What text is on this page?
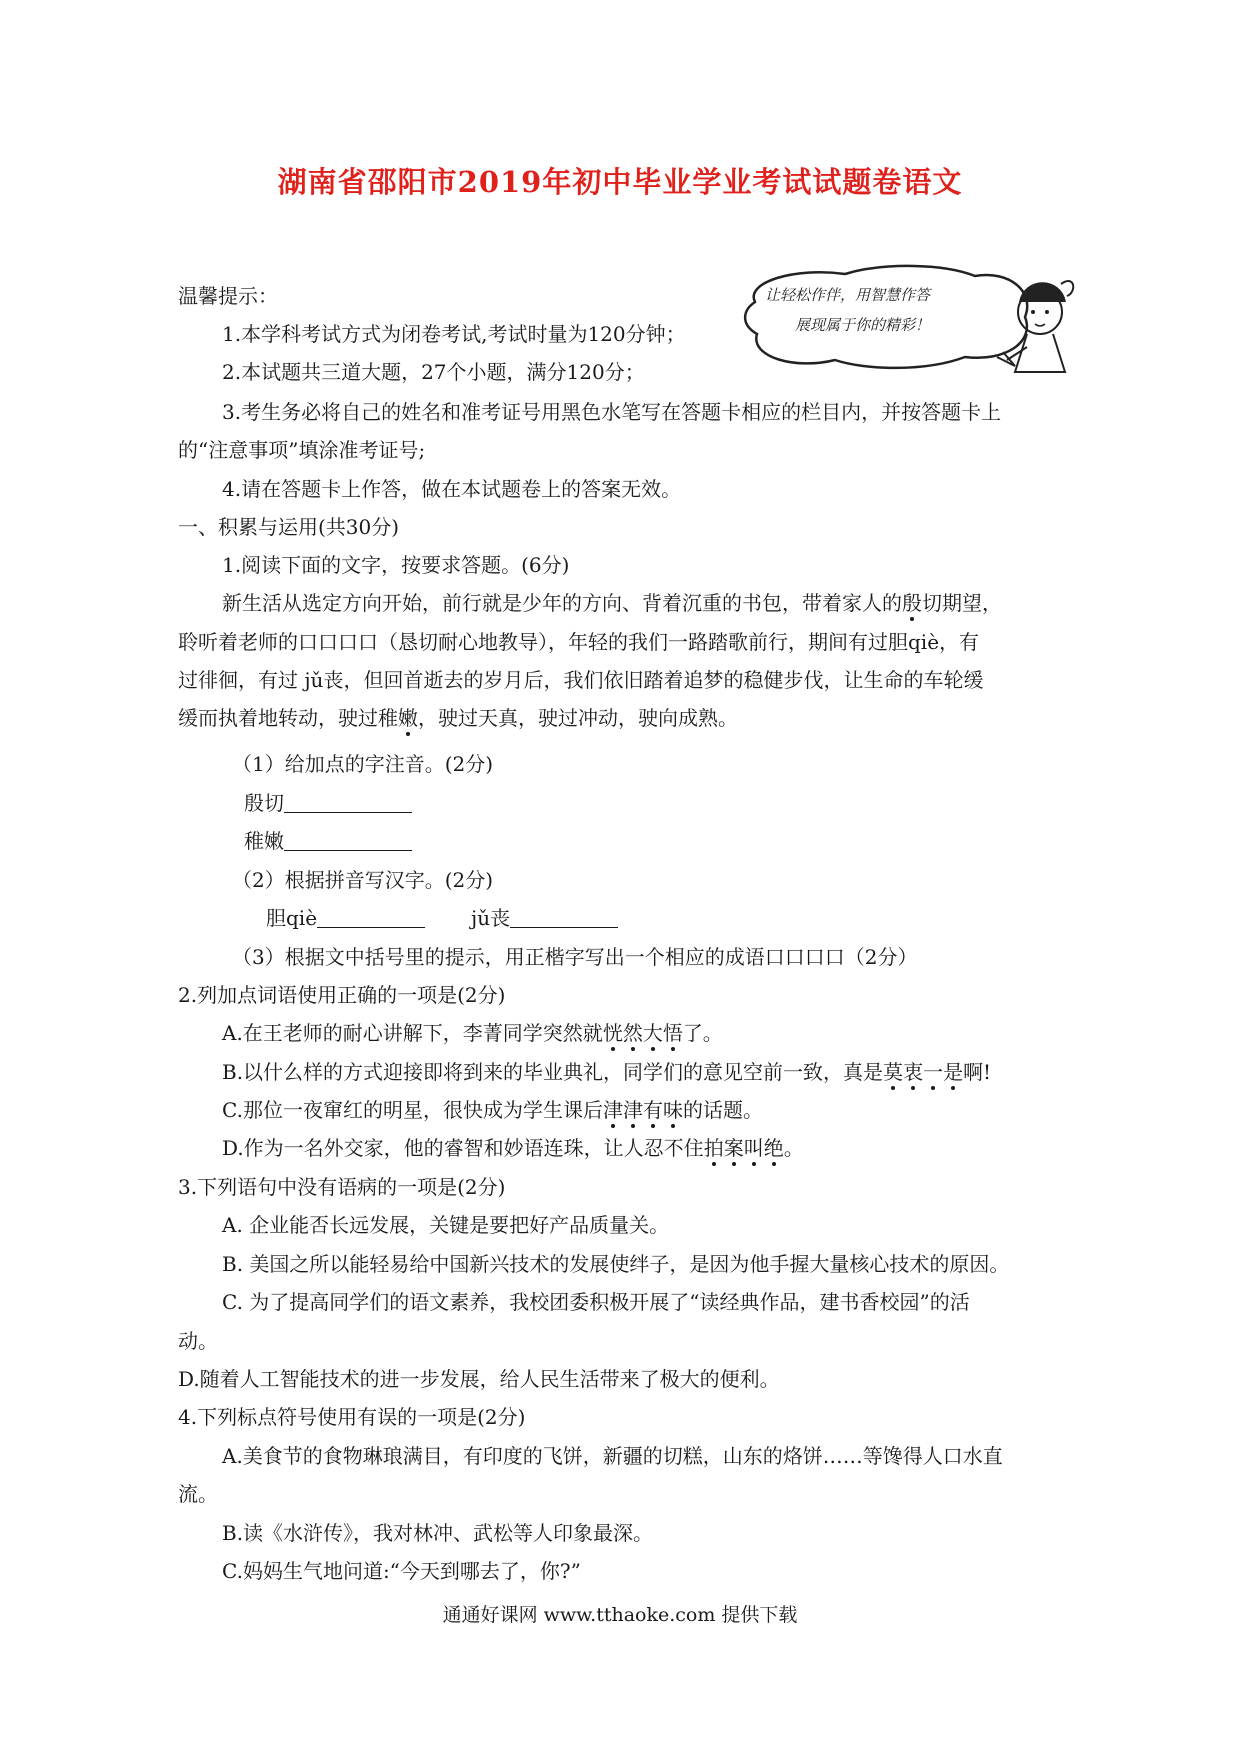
湖南省邵阳市2019年初中毕业学业考试试题卷语文
让轻松作伴，用智慧作答
展现属于你的精彩！
温馨提示：
1.本学科考试方式为闭卷考试,考试时量为120分钟；
2.本试题共三道大题，27个小题，满分120分；
3.考生务必将自己的姓名和准考证号用黑色水笔写在答题卡相应的栏目内，并按答题卡上
的“注意事项”填涂准考证号;
4.请在答题卡上作答，做在本试题卷上的答案无效。
一、积累与运用(共30分)
1.阅读下面的文字，按要求答题。(6分)
新生活从选定方向开始，前行就是少年的方向、背着沉重的书包，带着家人的殷切期望，
聆听着老师的口口口口（恳切耐心地教导），年轻的我们一路踏歌前行，期间有过胆qiè，有
过徘徊，有过 jǔ丧，但回首逝去的岁月后，我们依旧踏着追梦的稳健步伐，让生命的车轮缓
缓而执着地转动，驶过稚嫩，驶过天真，驶过冲动，驶向成熟。
（1）给加点的字注音。(2分)
殷切
稚嫩
（2）根据拼音写汉字。(2分)
胆qiè	jǔ丧
（3）根据文中括号里的提示，用正楷字写出一个相应的成语口口口口（2分）
2.列加点词语使用正确的一项是(2分)
A.在王老师的耐心讲解下，李菁同学突然就恍然大悟了。
B.以什么样的方式迎接即将到来的毕业典礼，同学们的意见空前一致，真是莫衷一是啊!
C.那位一夜窜红的明星，很快成为学生课后津津有味的话题。
D.作为一名外交家，他的睿智和妙语连珠，让人忍不住拍案叫绝。
3.下列语句中没有语病的一项是(2分)
A. 企业能否长远发展，关键是要把好产品质量关。
B. 美国之所以能轻易给中国新兴技术的发展使绊子，是因为他手握大量核心技术的原因。
C. 为了提高同学们的语文素养，我校团委积极开展了“读经典作品，建书香校园”的活
动。
D.随着人工智能技术的进一步发展，给人民生活带来了极大的便利。
4.下列标点符号使用有误的一项是(2分)
A.美食节的食物琳琅满目，有印度的飞饼，新疆的切糕，山东的烙饼……等馋得人口水直
流。
B.读《水浒传》，我对林冲、武松等人印象最深。
C.妈妈生气地问道:“今天到哪去了，你?”
通通好课网 www.tthaoke.com 提供下载
